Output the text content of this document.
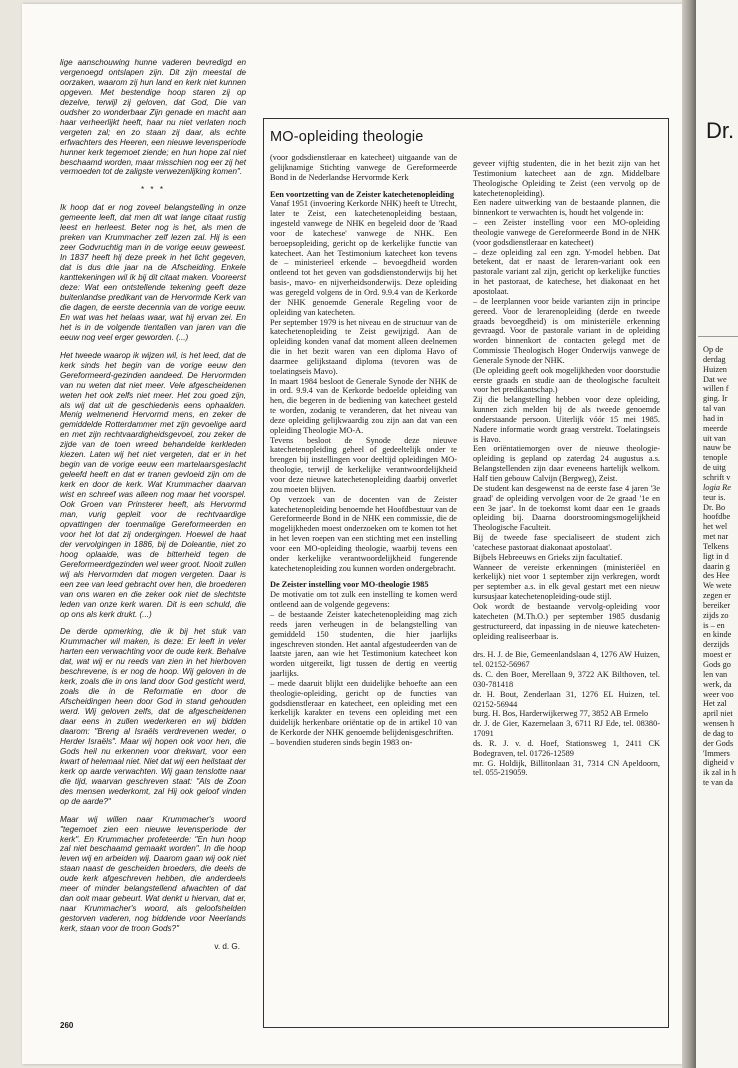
lige aanschouwing hunne vaderen bevredigd en vergenoegd ontslapen zijn. Dit zijn meestal de oorzaken, waarom zij hun land en kerk niet kunnen opgeven. Met bestendige hoop staren zij op dezelve, terwijl zij geloven, dat God, Die van oudsher zo wonderbaar Zijn genade en macht aan haar verheerlijkt heeft, haar nu niet verlaten noch vergeten zal; en zo staan zij daar, als echte erfwachters des Heeren, een nieuwe levensperiode hunner kerk tegemoet ziende; en hun hope zal niet beschaamd worden, maar misschien nog eer zij het vermoeden tot de zaligste verwezenlijking komen".

* * *

Ik hoop dat er nog zoveel belangstelling in onze gemeente leeft, dat men dit wat lange citaat rustig leest en herleest. Beter nog is het, als men de preken van Krummacher zelf lezen zal. Hij is een zeer Godvruchtig man in de vorige eeuw geweest. In 1837 heeft hij deze preek in het licht gegeven, dat is dus drie jaar na de Afscheiding. Enkele kanttekeningen wil ik bij dit citaat maken. Vooreerst deze: Wat een ontstellende tekening geeft deze buitenlandse predikant van de Hervormde Kerk van die dagen, de eerste decennia van de vorige eeuw. En wat was het helaas waar, wat hij ervan zei. En het is in de volgende tientallen van jaren van die eeuw nog veel erger geworden. (...)

Het tweede waarop ik wijzen wil, is het leed, dat de kerk sinds het begin van de vorige eeuw den Gereformeerd-gezinden aandeed. De Hervormden van nu weten dat niet meer. Vele afgescheidenen weten het ook zelfs niet meer. Het zou goed zijn, als wij dat uit de geschiedenis eens ophaalden. Menig welmenend Hervormd mens, en zeker de gemiddelde Rotterdammer met zijn gevoelige aard en met zijn rechtvaardigheidsgevoel, zou zeker de zijde van de toen wreed behandelde kerkleden kiezen. Laten wij het niet vergeten, dat er in het begin van de vorige eeuw een martelaarsgeslacht geleefd heeft en dat er tranen gevloeid zijn om de kerk en door de kerk. Wat Krummacher daarvan wist en schreef was alleen nog maar het voorspel. Ook Groen van Prinsterer heeft, als Hervormd man, vurig gepleit voor de rechtvaardige opvattingen der toenmalige Gereformeerden en voor het lot dat zij ondergingen. Hoewel de haat der vervolgingen in 1886, bij de Doleantie, niet zo hoog oplaaide, was de bitterheid tegen de Gereformeerdgezinden wel weer groot. Nooit zullen wij als Hervormden dat mogen vergeten. Daar is een zee van leed gebracht over hen, die broederen van ons waren en die zeker ook niet de slechtste leden van onze kerk waren. Dit is een schuld, die op ons als kerk drukt. (...)

De derde opmerking, die ik bij het stuk van Krummacher wil maken, is deze: Er leeft in veler harten een verwachting voor de oude kerk. Behalve dat, wat wij er nu reeds van zien in het hierboven beschrevene, is er nog de hoop. Wij geloven in de kerk, zoals die in ons land door God gesticht werd, zoals die in de Reformatie en door de Afscheidingen heen door God in stand gehouden werd. Wij geloven zelfs, dat de afgescheidenen daar eens in zullen wederkeren en wij bidden daarom: "Breng al Israëls verdrevenen weder, o Herder Israëls". Maar wij hopen ook voor hen, die Gods heil nu erkennen voor drekwart, voor een kwart of helemaal niet. Niet dat wij een heilstaat der kerk op aarde verwachten. Wij gaan tenslotte naar die tijd, waarvan geschreven staat: "Als de Zoon des mensen wederkomt, zal Hij ook geloof vinden op de aarde?"

Maar wij willen naar Krummacher's woord "tegemoet zien een nieuwe levensperiode der kerk". En Krummacher profeteerde: "En hun hoop zal niet beschaamd gemaakt worden". In die hoop leven wij en arbeiden wij. Daarom gaan wij ook niet staan naast de gescheiden broeders, die deels de oude kerk afgeschreven hebben, die anderdeels meer of minder belangstellend afwachten of dat dan ooit maar gebeurt. Wat denkt u hiervan, dat er, naar Krummacher's woord, als geloofshelden gestorven vaderen, nog biddende voor Neerlands kerk, staan voor de troon Gods?"

v. d. G.
MO-opleiding theologie

(voor godsdienstleraar en katecheet) uitgaande van de gelijknamige Stichting vanwege de Gereformeerde Bond in de Nederlandse Hervormde Kerk

Een voortzetting van de Zeister katechetenopleiding

Vanaf 1951 (invoering Kerkorde NHK) heeft te Utrecht, later te Zeist, een katechetenopleiding bestaan, ingesteld vanwege de NHK en begeleid door de 'Raad voor de katechese' vanwege de NHK. Een beroepsopleiding, gericht op de kerkelijke functie van katecheet. Aan het Testimonium katecheet kon tevens de – ministerieel erkende – bevoegdheid worden ontleend tot het geven van godsdienstonderwijs bij het basis-, mavo- en nijverheidsonderwijs. Deze opleiding was geregeld volgens de in Ord. 9.9.4 van de Kerkorde der NHK genoemde Generale Regeling voor de opleiding van katecheten.

Per september 1979 is het niveau en de structuur van de katechetenopleiding te Zeist gewijzigd. Aan de opleiding konden vanaf dat moment alleen deelnemen die in het bezit waren van een diploma Havo of daarmee gelijkstaand diploma (tevoren was de toelatingseis Mavo).

In maart 1984 besloot de Generale Synode der NHK de in ord. 9.9.4 van de Kerkorde bedoelde opleiding van hen, die begeren in de bediening van katecheet gesteld te worden, zodanig te veranderen, dat het niveau van deze opleiding gelijkwaardig zou zijn aan dat van een opleiding Theologie MO-A.

Tevens besloot de Synode deze nieuwe katechetenopleiding geheel of gedeeltelijk onder te brengen bij instellingen voor deeltijd opleidingen MO-theologie, terwijl de kerkelijke verantwoordelijkheid voor deze nieuwe katechetenopleiding daarbij onverlet zou moeten blijven.

Op verzoek van de docenten van de Zeister katechetenopleiding benoemde het Hoofdbestuur van de Gereformeerde Bond in de NHK een commissie, die de mogelijkheden moest onderzoeken om te komen tot het in het leven roepen van een stichting met een instelling voor een MO-opleiding theologie, waarbij tevens een onder kerkelijke verantwoordelijkheid fungerende katechetenopleiding zou kunnen worden ondergebracht.

De Zeister instelling voor MO-theologie 1985

De motivatie om tot zulk een instelling te komen werd ontleend aan de volgende gegevens:

– de bestaande Zeister katechetenopleiding mag zich reeds jaren verheugen in de belangstelling van gemiddeld 150 studenten, die hier jaarlijks ingeschreven stonden. Het aantal afgestudeerden van de laatste jaren, aan wie het Testimonium katecheet kon worden uitgereikt, ligt tussen de dertig en veertig jaarlijks.

– mede daaruit blijkt een duidelijke behoefte aan een theologie-opleiding, gericht op de functies van godsdienstleraar en katecheet, een opleiding met een kerkelijk karakter en tevens een opleiding met een duidelijk herkenbare oriëntatie op de in artikel 10 van de Kerkorde der NHK genoemde belijdenisgeschriften.

– bovendien studeren sinds begin 1983 on-

geveer vijftig studenten, die in het bezit zijn van het Testimonium katecheet aan de zgn. Middelbare Theologische Opleiding te Zeist (een vervolg op de katechetenopleiding).

Een nadere uitwerking van de bestaande plannen, die binnenkort te verwachten is, houdt het volgende in:

– een Zeister instelling voor een MO-opleiding theologie vanwege de Gereformeerde Bond in de NHK (voor godsdienstleraar en katecheet)

– deze opleiding zal een zgn. Y-model hebben. Dat betekent, dat er naast de leraren-variant ook een pastorale variant zal zijn, gericht op kerkelijke functies in het pastoraat, de katechese, het diakonaat en het apostolaat.

– de leerplannen voor beide varianten zijn in principe gereed. Voor de lerarenopleiding (derde en tweede graads bevoegdheid) is om ministeriële erkenning gevraagd. Voor de pastorale variant in de opleiding worden binnenkort de contacten gelegd met de Commissie Theologisch Hoger Onderwijs vanwege de Generale Synode der NHK.

(De opleiding geeft ook mogelijkheden voor doorstudie eerste graads en studie aan de theologische faculteit voor het predikantschap.)

Zij die belangstelling hebben voor deze opleiding, kunnen zich melden bij de als tweede genoemde onderstaande persoon. Uiterlijk vóór 15 mei 1985. Nadere informatie wordt graag verstrekt. Toelatingseis is Havo.

Een oriëntatiemorgen over de nieuwe theologie-opleiding is gepland op zaterdag 24 augustus a.s. Belangstellenden zijn daar eveneens hartelijk welkom. Half tien gebouw Calvijn (Bergweg), Zeist.

De student kan desgewenst na de eerste fase 4 jaren '3e graad' de opleiding vervolgen voor de 2e graad '1e en een 3e jaar'. In de toekomst komt daar een 1e graads opleiding bij. Daarna doorstroomingsmogelijkheid Theologische Faculteit.

Bij de tweede fase specialiseert de student zich 'catechese pastoraat diakonaat apostolaat'.

Bijbels Hebreeuws en Grieks zijn facultatief.

Wanneer de vereiste erkenningen (ministeriëel en kerkelijk) niet voor 1 september zijn verkregen, wordt per september a.s. in elk geval gestart met een nieuw kursusjaar katechetenopleiding-oude stijl.

Ook wordt de bestaande vervolg-opleiding voor katecheten (M.Th.O.) per september 1985 dusdanig gestructureerd, dat inpassing in de nieuwe katecheten-opleiding realiseerbaar is.

drs. H. J. de Bie, Gemeenlandslaan 4, 1276 AW Huizen, tel. 02152-56967

ds. C. den Boer, Merellaan 9, 3722 AK Bilthoven, tel. 030-781418

dr. H. Bout, Zenderlaan 31, 1276 EL Huizen, tel. 02152-56944

burg. H. Bos, Harderwijkerweg 77, 3852 AB Ermelo

dr. J. de Gier, Kazernelaan 3, 6711 RJ Ede, tel. 08380-17091

ds. R. J. v. d. Hoef, Stationsweg 1, 2411 CK Bodegraven, tel. 01726-12589

mr. G. Holdijk, Billitonlaan 31, 7314 CN Apeldoorn, tel. 055-219059.

260
Dr.
Op de
derdag
Huizen
Dat we
willen f
ging. Ir
tal van
had in
meerde
uit van
nauw be
tenople
de uitg
schrift v
logia Re
teur is.
Dr. Bo
hoofdbe
het wel
met nar
Telkens
ligt in d
daarin g
des Hee
We wete
zegen er
bereiker
zijds zo
is – en
en kinde
derzijds
moest er
Gods go
len van
werk, da
weer voo
Het zal
april niet
wensen h
de dag to
der Gods
'Immers
digheid v
ik zal in h
te van da
